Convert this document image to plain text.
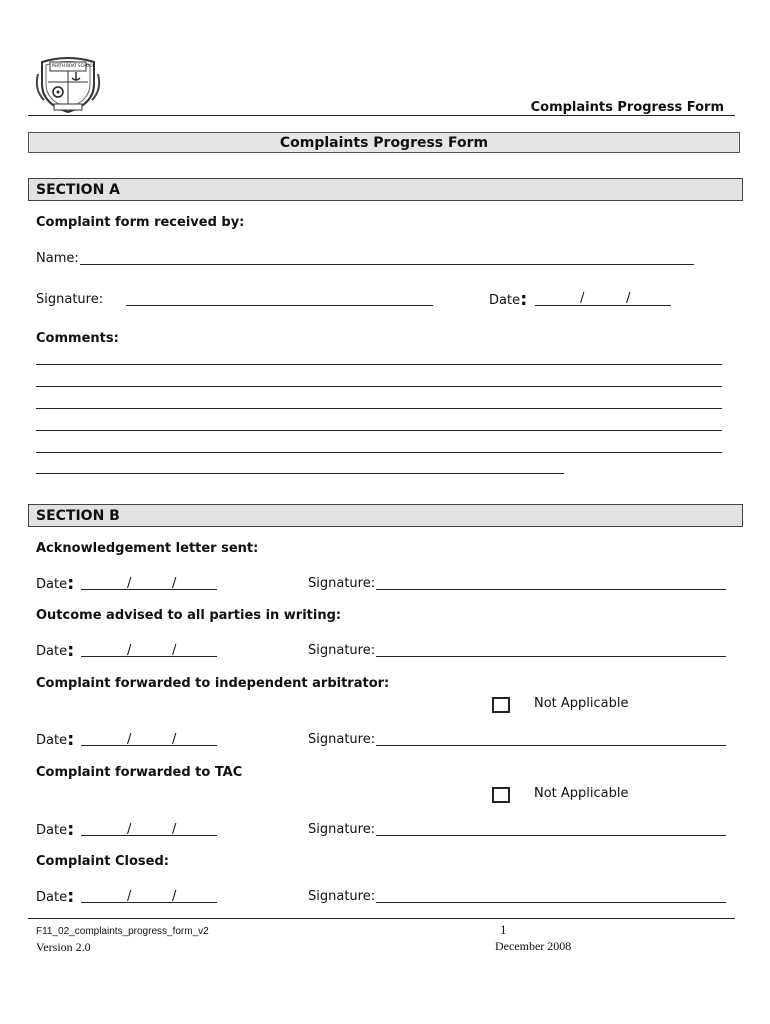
PERTH BOAT SCHOOL
Complaints Progress Form
Complaints Progress Form
SECTION A
Complaint form received by:
Name:
Signature:	Date:	/	/
Comments:
SECTION B
Acknowledgement letter sent:
Date:	/	/	Signature:
Outcome advised to all parties in writing:
Date:	/	/	Signature:
Complaint forwarded to independent arbitrator:
Not Applicable
Date:	/	/	Signature:
Complaint forwarded to TAC
Not Applicable
Date:	/	/	Signature:
Complaint Closed:
Date:	/	/	Signature:
F11_02_complaints_progress_form_v2
Version 2.0
1
December 2008
